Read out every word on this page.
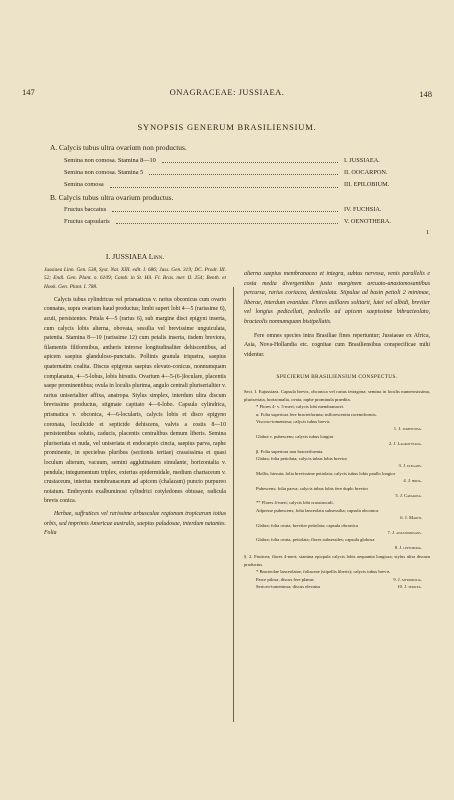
147	ONAGRACEAE: JUSSIAEA.	148
SYNOPSIS GENERUM BRASILIENSIUM.
A. Calycis tubus ultra ovarium non productus.
Semina non comosa. Stamina 8—10	I. JUSSIAEA.
Semina non comosa. Stamina 5	II. OOCARPON.
Semina comosa	III. EPILOBIUM.
B. Calycis tubus ultra ovarium productus.
Fructus baccatus	IV. FUCHSIA.
Fructus capsularis	V. OENOTHERA.
1
I. JUSSIAEA Linn.
Jussiaea Linn. Gen. 538, Syst. Nat. XIII. edit. I. 686; Juss. Gen. 319; DC. Prodr. III. 52; Endl. Gen. Plant. n. 6109; Camb. in St. Hil. Fl. Bras. mer. II. 254; Benth. et Hook. Gen. Plant. I. 788.
Calycis tubus cylindricus vel prismaticus v. rarius obconicus cum ovario connatus, supra ovarium haud productus; limbi superi lobi 4—5 (rarissime 6), acuti, persistentes. Petala 4—5 (rarius 6), sub margine disci epigyni inserta, cum calycis lobis alterna, obovata, sessilia vel brevissime unguiculata, patentia. Stamina 8—10 (rarissime 12) cum petalis inserta, iisdem breviora, filamentis filiformibus, antheris introrse longitudinaliter dehiscentibus, ad apicem saepius glanduloso-punctatis. Pollinis granula triquetra, saepius quaternatim coalita. Discus epigynus saepius elevato-conicus, nonnumquam complanatus, 4—5-lobus, lobis hirsutis. Ovarium 4—5-(6-)loculare, placentis saepe prominentibus; ovula in loculis plurima, angulo centrali pluriserialiter v. rarius uniserialiter affixa, anatropa. Stylus simplex, interdum ultra discum brevissime productus, stigmate capitato 4—6-lobo. Capsula cylindrica, prismatica v. obconica, 4—6-locularis, calycis lobis et disco epigyno coronata, loculicide et septicide dehiscens, valvis a costis 8—10 persistentibus solutis, caducis, placentis centralibus demum liberis. Semina pluriseriata et nuda, vel uniseriata et endocarpio cincta, saepius parva, raphe prominente, in speciebus pluribus (sectionis tertiae) crassissima et quasi loculum alterum, vacuum, semini agglutinatum simulante, horizontalia v. pendula; integumentum triplex, exterius epidermidale, medium chartaceum v. crustaceum, interius membranaceum ad apicem (chalazam) puncto purpureo notatum. Embryonis exalbuminosi cylindrici cotyledones obtusae, radicula brevis conica.
Herbae, suffrutices vel rarissime arbusculae regionum tropicarum totius orbis, sed imprimis Americae australis, saepius paludosae, interdum natantes. Folia
alterna saepius membranacea et integra, subtus nervosa, venis parallelis e costa media divergentibus juxta marginem arcuato-anastomosantibus percursa, rarius coriacea, denticulata. Stipulae ad basin petioli 2 minimae, liberae, interdum evanidae. Flores axillares solitarii, lutei vel albidi, breviter vel longius pedicellati, pedicello ad apicem saepissime bibracteolato, bracteolis nonnumquam bistipellatis.
Fere omnes species intra Brasiliae fines repertuntur; Jussiaeae ex Africa, Asia, Nova-Hollandia etc. cognitae cum Brasiliensibus conspecificae mihi videntur.
SPECIERUM BRASILIENSIUM CONSPECTUS.
Sect. I. Eujussiaea. Capsula brevis, obconica vel rarius tetragona; semina in loculis numerosissima, pluriseriata, horizontalia, ovata, raphe prominula praedita.
* Flores 4- v. 5-meri; calycis lobi membranacei.
α. Folia superiora fere bracteiformia; inflorescentia racemiformis.
Viscoso-tomentosa; calycis tubus brevis
1. J. tomentosa.
Glabra v. pubescens; calycis tubus longior
2. J. Lagrotteana.
β. Folia superiora non bracteiformia.
Glabra; folia petiolata; calycis tubus lobis brevior
3. J. elegans.
Mollis; hirsuta; folia brevissime petiolata; calycis tubus lobis paullo longior
4. J. hirta.
Pubescens; folia parva; calycis tubus lobis fere duplo brevior
5. J. Caparosa.
** Flores 4-meri; calycis lobi crassiusculi.
Adpresse pubescens; folia lanceolata subsessilia; capsula obconica
6. J. Martii.
Glabra; folia ovata, breviter petiolata; capsula obconica
7. J. anastomosans.
Glabra; folia ovata, petiolata; flores subsessiles; capsula globosa
8. J. leptopoda.
§. 2. Fruticea; flores 4-meri; stamina epicpula calycis lobis aequantia longiora; stylus ultra discum productus.
* Bracteolae lanceolatae, foliaceae (stipellis liberis); calycis tubus brevis
Parce pilosa; discus fere planus	9. J. myriopolia.
Sericeo-tomentosa; discus elevatus	10. J. sericea.
